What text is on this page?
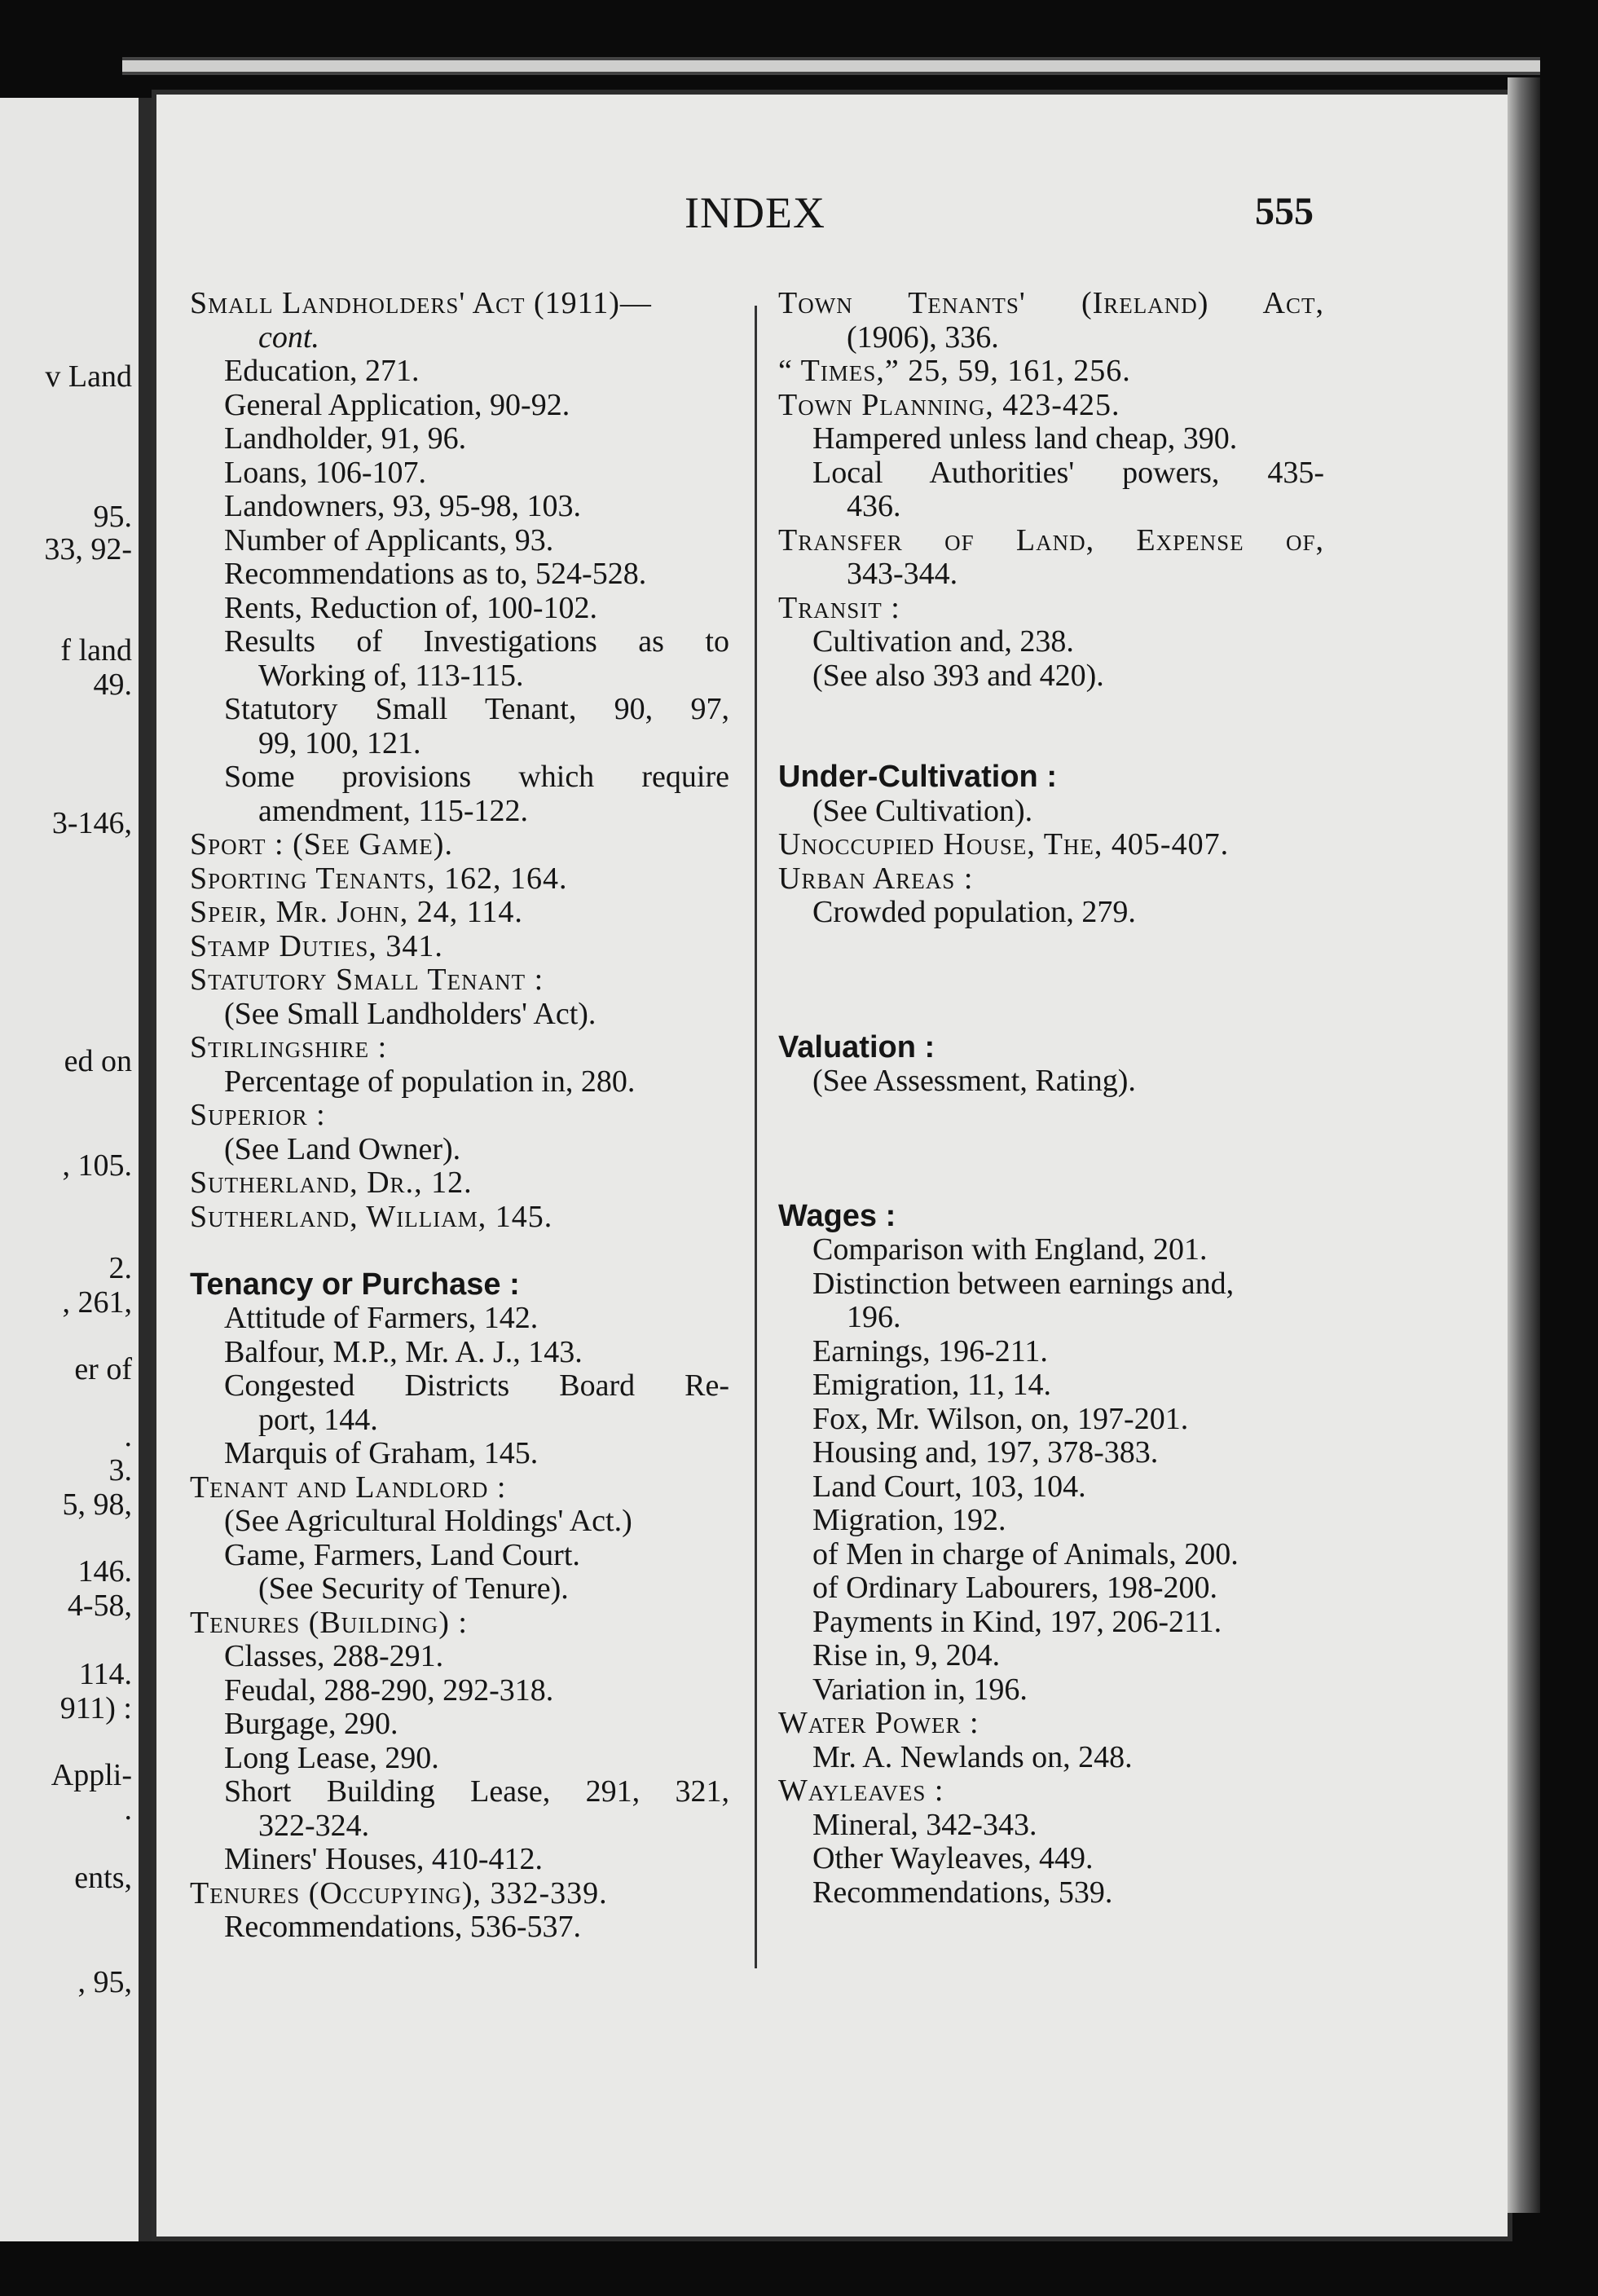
v Land
95.
33, 92-
f land
49.
3-146,
ed on
, 105.
2.
, 261,
er of
.
3.
5, 98,
146.
4-58,
114.
911) :
Appli-
.
ents,
, 95,
INDEX	555
Small Landholders' Act (1911)—
cont.
Education, 271.
General Application, 90-92.
Landholder, 91, 96.
Loans, 106-107.
Landowners, 93, 95-98, 103.
Number of Applicants, 93.
Recommendations as to, 524-528.
Rents, Reduction of, 100-102.
Results of Investigations as to
Working of, 113-115.
Statutory Small Tenant, 90, 97,
99, 100, 121.
Some provisions which require
amendment, 115-122.
Sport : (See Game).
Sporting Tenants, 162, 164.
Speir, Mr. John, 24, 114.
Stamp Duties, 341.
Statutory Small Tenant :
(See Small Landholders' Act).
Stirlingshire :
Percentage of population in, 280.
Superior :
(See Land Owner).
Sutherland, Dr., 12.
Sutherland, William, 145.
Tenancy or Purchase :
Attitude of Farmers, 142.
Balfour, M.P., Mr. A. J., 143.
Congested Districts Board Re-
port, 144.
Marquis of Graham, 145.
Tenant and Landlord :
(See Agricultural Holdings' Act.)
Game, Farmers, Land Court.
(See Security of Tenure).
Tenures (Building) :
Classes, 288-291.
Feudal, 288-290, 292-318.
Burgage, 290.
Long Lease, 290.
Short Building Lease, 291, 321,
322-324.
Miners' Houses, 410-412.
Tenures (Occupying), 332-339.
Recommendations, 536-537.
Town Tenants' (Ireland) Act,
(1906), 336.
“ Times,” 25, 59, 161, 256.
Town Planning, 423-425.
Hampered unless land cheap, 390.
Local Authorities' powers, 435-
436.
Transfer of Land, Expense of,
343-344.
Transit :
Cultivation and, 238.
(See also 393 and 420).
Under-Cultivation :
(See Cultivation).
Unoccupied House, The, 405-407.
Urban Areas :
Crowded population, 279.
Valuation :
(See Assessment, Rating).
Wages :
Comparison with England, 201.
Distinction between earnings and,
196.
Earnings, 196-211.
Emigration, 11, 14.
Fox, Mr. Wilson, on, 197-201.
Housing and, 197, 378-383.
Land Court, 103, 104.
Migration, 192.
of Men in charge of Animals, 200.
of Ordinary Labourers, 198-200.
Payments in Kind, 197, 206-211.
Rise in, 9, 204.
Variation in, 196.
Water Power :
Mr. A. Newlands on, 248.
Wayleaves :
Mineral, 342-343.
Other Wayleaves, 449.
Recommendations, 539.
